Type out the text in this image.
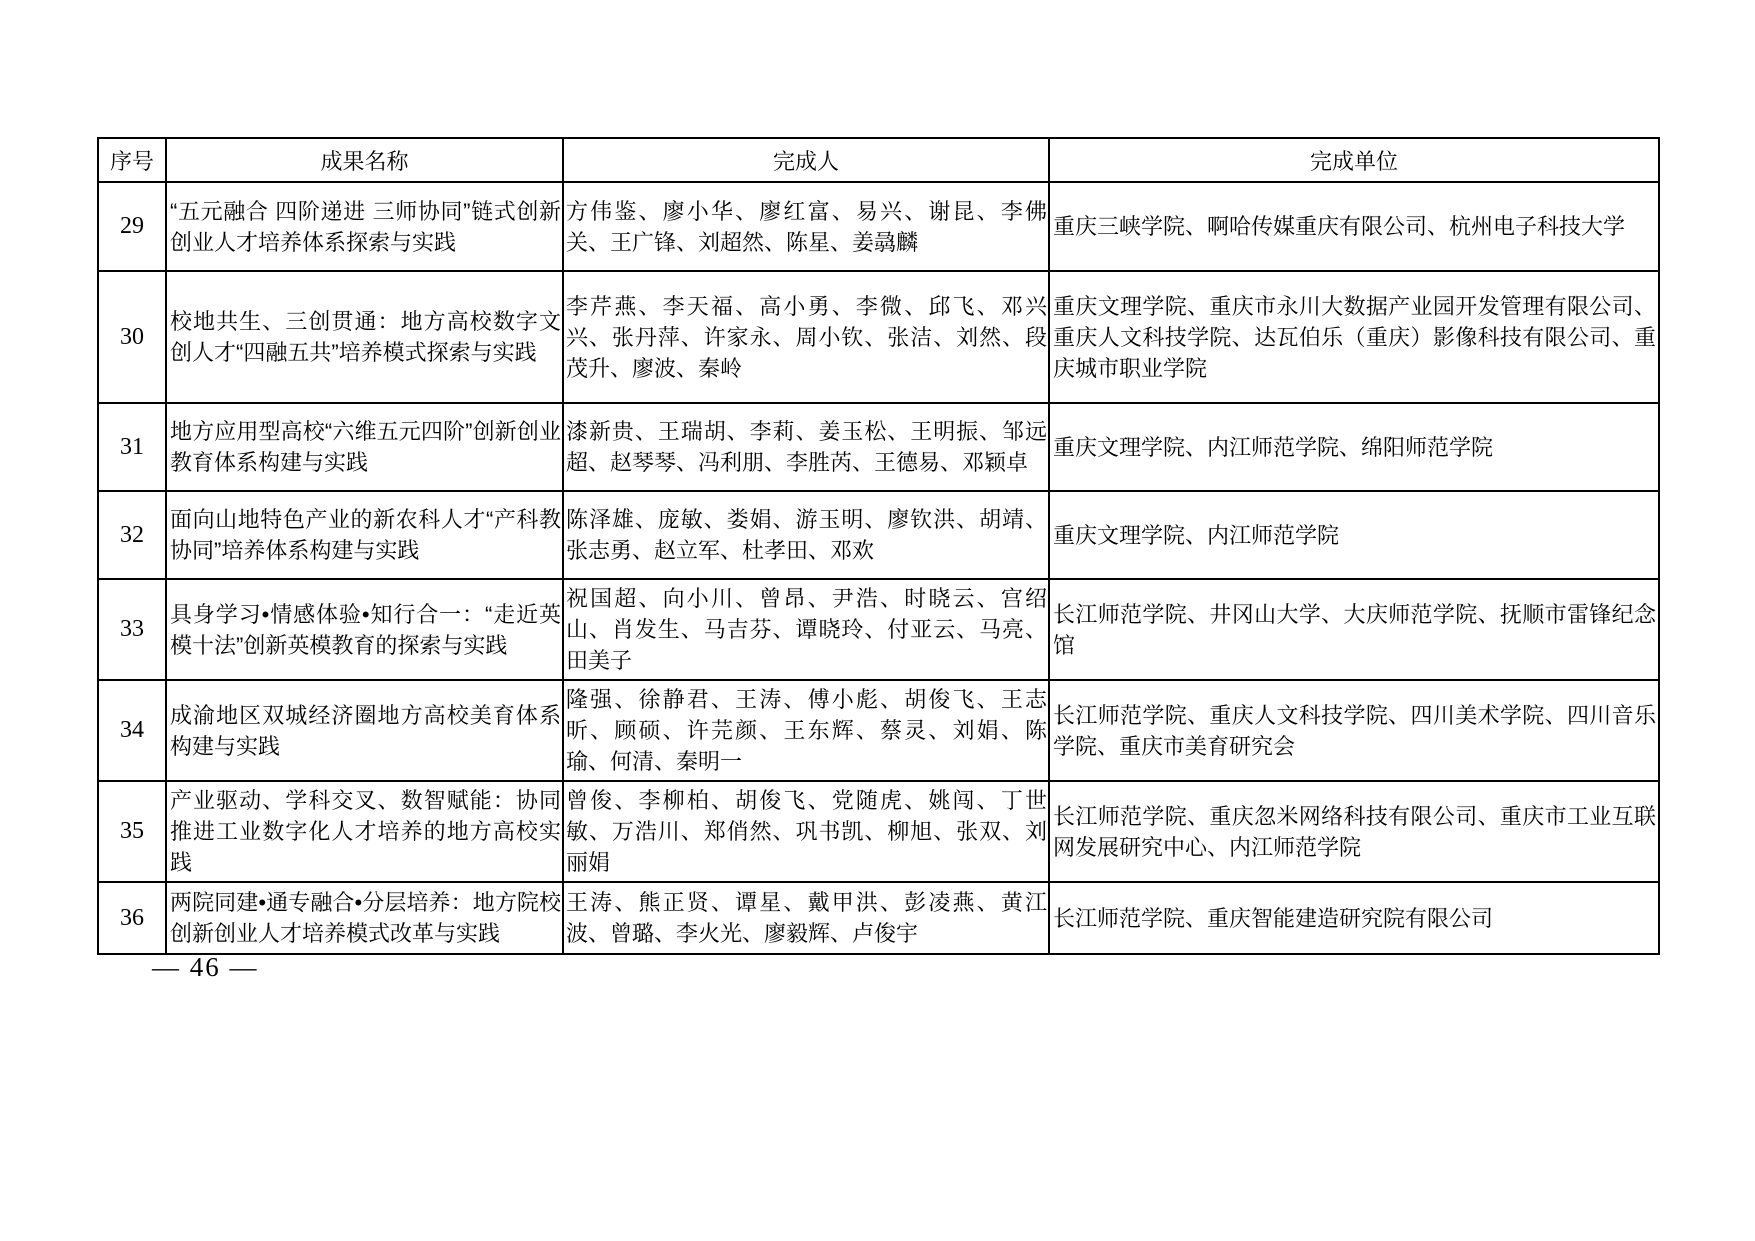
序号	成果名称	完成人	完成单位
29	“五元融合 四阶递进 三师协同”链式创新创业人才培养体系探索与实践	方伟鉴、廖小华、廖红富、易兴、谢昆、李佛关、王广锋、刘超然、陈星、姜骉麟	重庆三峡学院、啊哈传媒重庆有限公司、杭州电子科技大学
30	校地共生、三创贯通：地方高校数字文创人才“四融五共”培养模式探索与实践	李芹燕、李天福、高小勇、李微、邱飞、邓兴兴、张丹萍、许家永、周小钦、张洁、刘然、段茂升、廖波、秦岭	重庆文理学院、重庆市永川大数据产业园开发管理有限公司、重庆人文科技学院、达瓦伯乐（重庆）影像科技有限公司、重庆城市职业学院
31	地方应用型高校“六维五元四阶”创新创业教育体系构建与实践	漆新贵、王瑞胡、李莉、姜玉松、王明振、邹远超、赵琴琴、冯利朋、李胜芮、王德易、邓颖卓	重庆文理学院、内江师范学院、绵阳师范学院
32	面向山地特色产业的新农科人才“产科教协同”培养体系构建与实践	陈泽雄、庞敏、娄娟、游玉明、廖钦洪、胡靖、张志勇、赵立军、杜孝田、邓欢	重庆文理学院、内江师范学院
33	具身学习•情感体验•知行合一：“走近英模十法”创新英模教育的探索与实践	祝国超、向小川、曾昂、尹浩、时晓云、宫绍山、肖发生、马吉芬、谭晓玲、付亚云、马亮、田美子	长江师范学院、井冈山大学、大庆师范学院、抚顺市雷锋纪念馆
34	成渝地区双城经济圈地方高校美育体系构建与实践	隆强、徐静君、王涛、傅小彪、胡俊飞、王志昕、顾硕、许芫颜、王东辉、蔡灵、刘娟、陈瑜、何清、秦明一	长江师范学院、重庆人文科技学院、四川美术学院、四川音乐学院、重庆市美育研究会
35	产业驱动、学科交叉、数智赋能：协同推进工业数字化人才培养的地方高校实践	曾俊、李柳柏、胡俊飞、党随虎、姚闯、丁世敏、万浩川、郑俏然、巩书凯、柳旭、张双、刘丽娟	长江师范学院、重庆忽米网络科技有限公司、重庆市工业互联网发展研究中心、内江师范学院
36	两院同建•通专融合•分层培养：地方院校创新创业人才培养模式改革与实践	王涛、熊正贤、谭星、戴甲洪、彭凌燕、黄江波、曾璐、李火光、廖毅辉、卢俊宇	长江师范学院、重庆智能建造研究院有限公司
— 46 —
